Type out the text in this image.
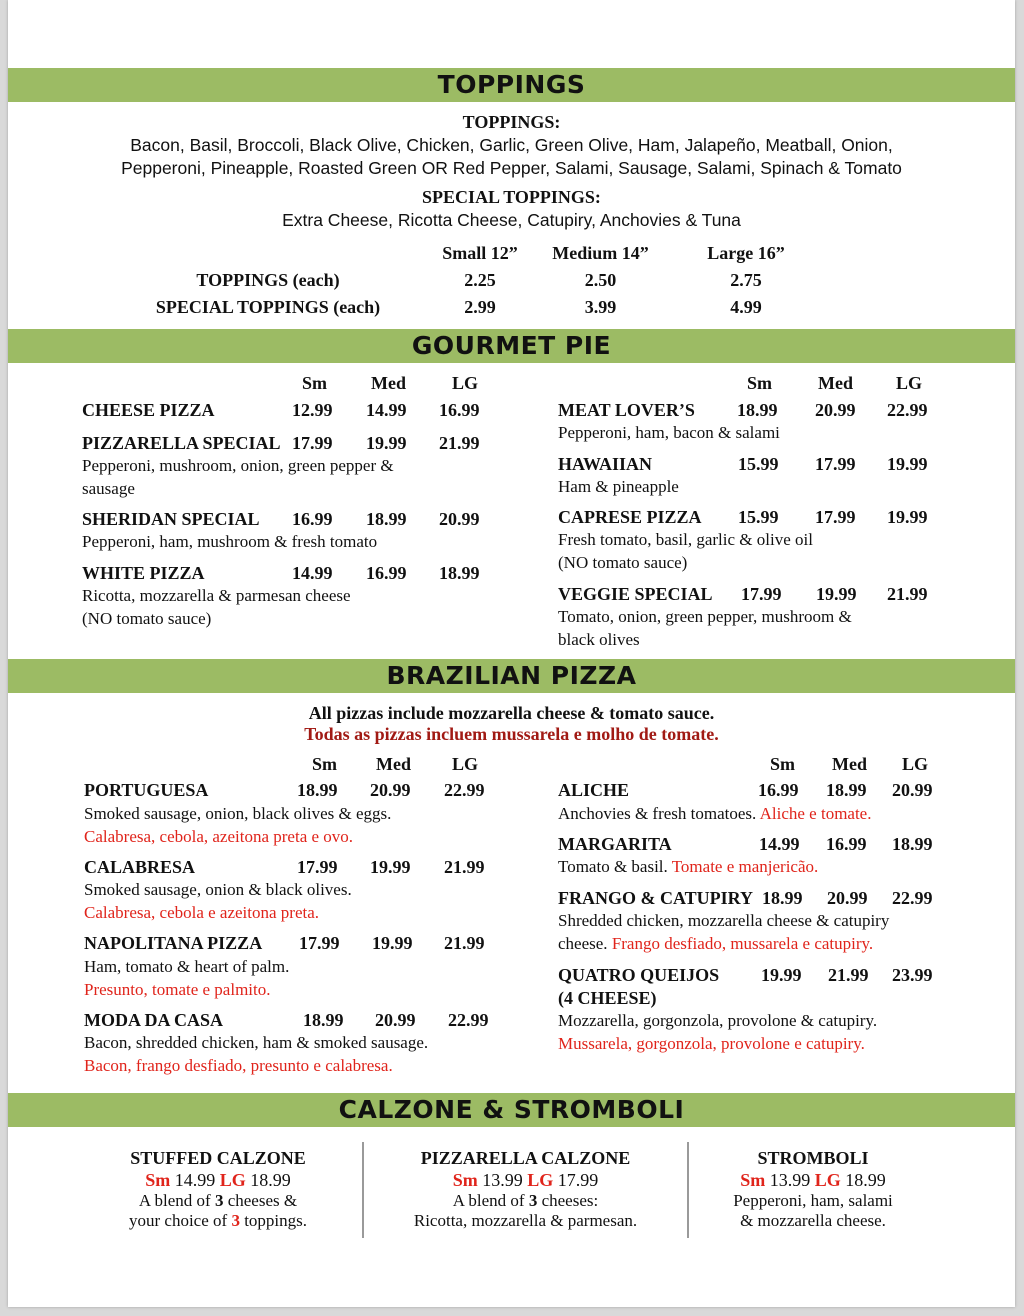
TOPPINGS
TOPPINGS:
Bacon, Basil, Broccoli, Black Olive, Chicken, Garlic, Green Olive, Ham, Jalapeño, Meatball, Onion,
Pepperoni, Pineapple, Roasted Green OR Red Pepper, Salami, Sausage, Salami, Spinach & Tomato
SPECIAL TOPPINGS:
Extra Cheese, Ricotta Cheese, Catupiry, Anchovies & Tuna
Small 12”	Medium 14”	Large 16”
TOPPINGS (each)	2.25	2.50	2.75
SPECIAL TOPPINGS (each)	2.99	3.99	4.99
GOURMET PIE
Sm Med	LG	Sm	Med LG
CHEESE PIZZA	12.99 14.99 16.99
PIZZARELLA SPECIAL 17.99 19.99 21.99
Pepperoni, mushroom, onion, green pepper &
sausage
SHERIDAN SPECIAL 16.99 18.99 20.99
Pepperoni, ham, mushroom & fresh tomato
WHITE PIZZA	14.99 16.99 18.99
Ricotta, mozzarella & parmesan cheese
(NO tomato sauce)
MEAT LOVER’S 18.99 20.99 22.99
Pepperoni, ham, bacon & salami
HAWAIIAN	15.99 17.99 19.99
Ham & pineapple
CAPRESE PIZZA 15.99 17.99 19.99
Fresh tomato, basil, garlic & olive oil
(NO tomato sauce)
VEGGIE SPECIAL 17.99 19.99 21.99
Tomato, onion, green pepper, mushroom &
black olives
BRAZILIAN PIZZA
All pizzas include mozzarella cheese & tomato sauce.
Todas as pizzas incluem mussarela e molho de tomate.
Sm Med LG	Sm Med LG
PORTUGUESA	18.99 20.99 22.99
Smoked sausage, onion, black olives & eggs.
Calabresa, cebola, azeitona preta e ovo.
CALABRESA	17.99 19.99 21.99
Smoked sausage, onion & black olives.
Calabresa, cebola e azeitona preta.
NAPOLITANA PIZZA 17.99 19.99 21.99
Ham, tomato & heart of palm.
Presunto, tomate e palmito.
MODA DA CASA	18.99 20.99 22.99
Bacon, shredded chicken, ham & smoked sausage.
Bacon, frango desfiado, presunto e calabresa.
ALICHE	16.99 18.99 20.99
Anchovies & fresh tomatoes. Aliche e tomate.
MARGARITA	14.99 16.99 18.99
Tomato & basil. Tomate e manjericão.
FRANGO & CATUPIRY 18.99 20.99 22.99
Shredded chicken, mozzarella cheese & catupiry
cheese. Frango desfiado, mussarela e catupiry.
QUATRO QUEIJOS
(4 CHEESE)
19.99 21.99 23.99
Mozzarella, gorgonzola, provolone & catupiry.
Mussarela, gorgonzola, provolone e catupiry.
CALZONE & STROMBOLI
STUFFED CALZONE
Sm 14.99 LG 18.99
A blend of 3 cheeses &
your choice of 3 toppings.
PIZZARELLA CALZONE
Sm 13.99 LG 17.99
A blend of 3 cheeses:
Ricotta, mozzarella & parmesan.
STROMBOLI
Sm 13.99 LG 18.99
Pepperoni, ham, salami
& mozzarella cheese.
